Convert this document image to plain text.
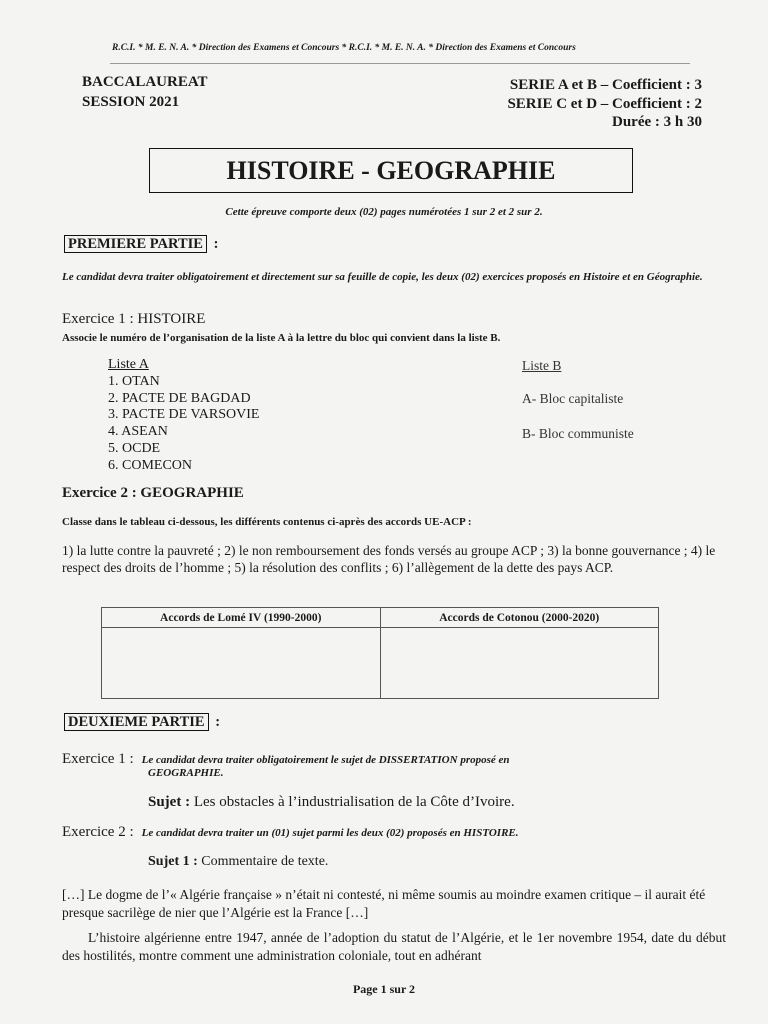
R.C.I. * M. E. N. A. * Direction des Examens et Concours * R.C.I. * M. E. N. A. * Direction des Examens et Concours
BACCALAUREAT
SESSION 2021
SERIE A et B – Coefficient : 3
SERIE C et D – Coefficient : 2
Durée : 3 h 30
HISTOIRE - GEOGRAPHIE
Cette épreuve comporte deux (02) pages numérotées 1 sur 2 et 2 sur 2.
PREMIERE PARTIE :
Le candidat devra traiter obligatoirement et directement sur sa feuille de copie, les deux (02) exercices proposés en Histoire et en Géographie.
Exercice 1 : HISTOIRE
Associe le numéro de l’organisation de la liste A à la lettre du bloc qui convient dans la liste B.
Liste A
1. OTAN
2. PACTE DE BAGDAD
3. PACTE DE VARSOVIE
4. ASEAN
5. OCDE
6. COMECON
Liste B
A- Bloc capitaliste
B- Bloc communiste
Exercice 2 : GEOGRAPHIE
Classe dans le tableau ci-dessous, les différents contenus ci-après des accords UE-ACP :
1) la lutte contre la pauvreté ; 2) le non remboursement des fonds versés au groupe ACP ; 3) la bonne gouvernance ; 4) le respect des droits de l’homme ; 5) la résolution des conflits ; 6) l’allègement de la dette des pays ACP.
Accords de Lomé IV (1990-2000)	Accords de Cotonou (2000-2020)

DEUXIEME PARTIE :
Exercice 1 : Le candidat devra traiter obligatoirement le sujet de DISSERTATION proposé en
GEOGRAPHIE.
Sujet : Les obstacles à l’industrialisation de la Côte d’Ivoire.
Exercice 2 : Le candidat devra traiter un (01) sujet parmi les deux (02) proposés en HISTOIRE.
Sujet 1 : Commentaire de texte.
[…] Le dogme de l’« Algérie française » n’était ni contesté, ni même soumis au moindre examen critique – il aurait été presque sacrilège de nier que l’Algérie est la France […]
L’histoire algérienne entre 1947, année de l’adoption du statut de l’Algérie, et le 1er novembre 1954, date du début des hostilités, montre comment une administration coloniale, tout en adhérant
Page 1 sur 2
